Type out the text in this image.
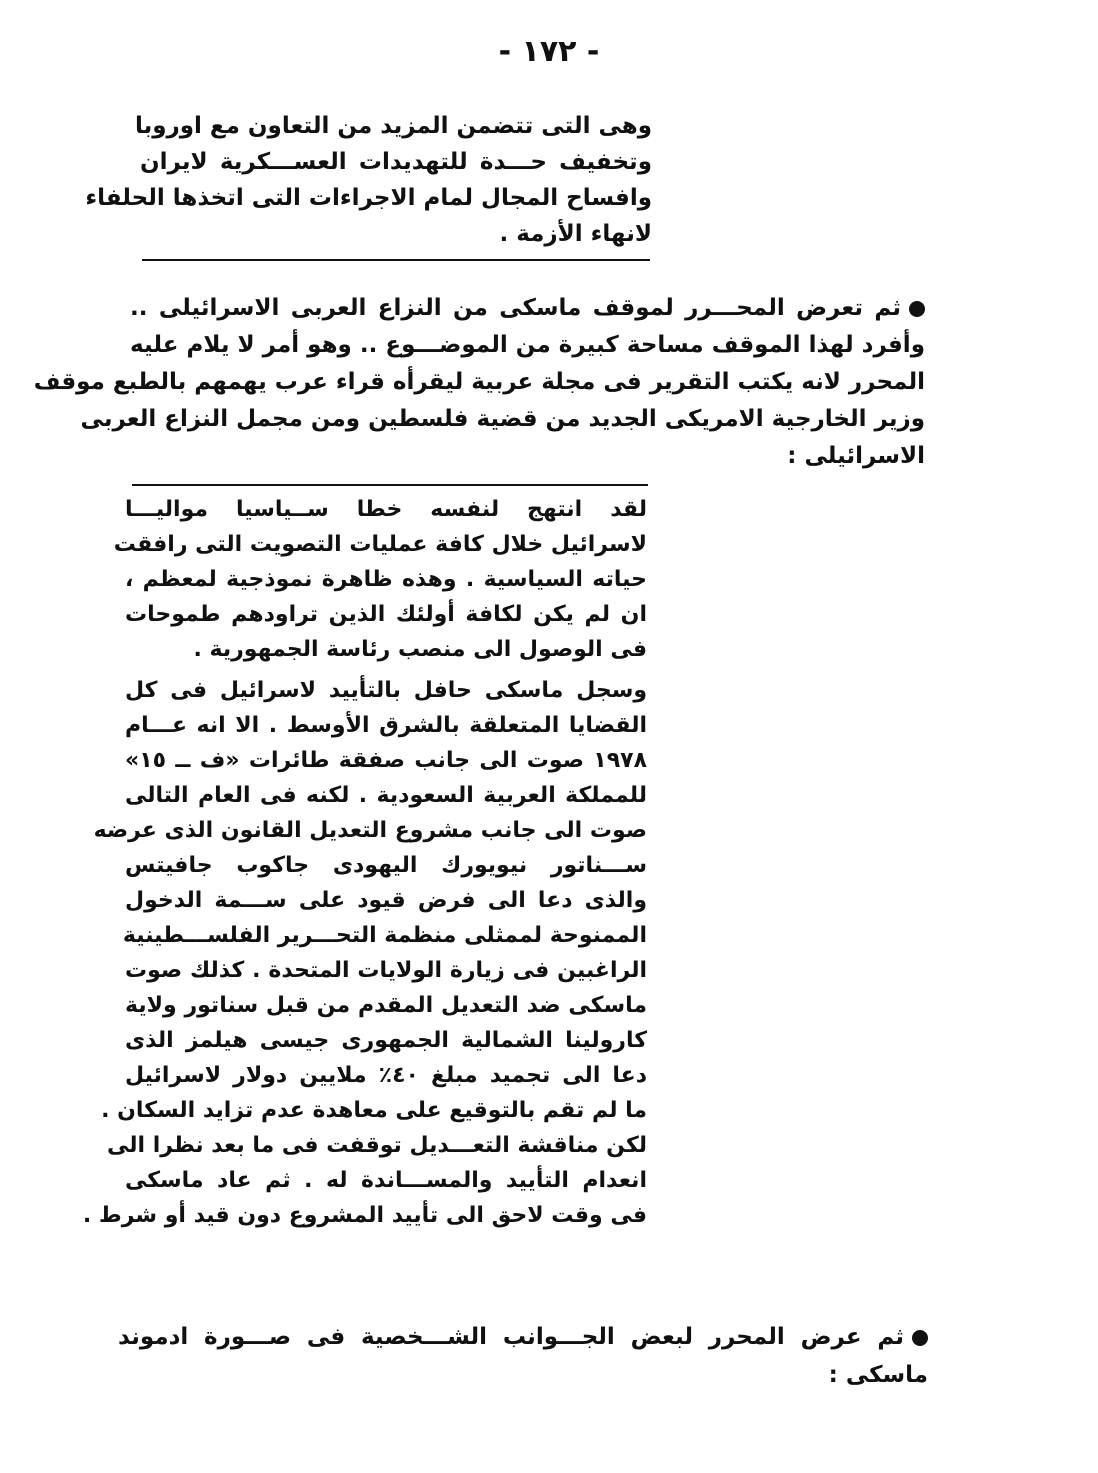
- ١٧٢ -
وهى التى تتضمن المزيد من التعاون مع اوروبا
وتخفيف حـــدة للتهديدات العســـكرية لايران
وافساح المجال لمام الاجراءات التى اتخذها الحلفاء
لانهاء الأزمة .
ثم تعرض المحـــرر لموقف ماسكى من النزاع العربى الاسرائيلى ..
وأفرد لهذا الموقف مساحة كبيرة من الموضـــوع .. وهو أمر لا يلام عليه
المحرر لانه يكتب التقرير فى مجلة عربية ليقرأه قراء عرب يهمهم بالطبع موقف
وزير الخارجية الامريكى الجديد من قضية فلسطين ومن مجمل النزاع العربى
الاسرائيلى :
لقد انتهج لنفسه خطا ســياسيا مواليـــا
لاسرائيل خلال كافة عمليات التصويت التى رافقت
حياته السياسية . وهذه ظاهرة نموذجية لمعظم ،
ان لم يكن لكافة أولئك الذين تراودهم طموحات
فى الوصول الى منصب رئاسة الجمهورية .
وسجل ماسكى حافل بالتأييد لاسرائيل فى كل
القضايا المتعلقة بالشرق الأوسط . الا انه عـــام
١٩٧٨ صوت الى جانب صفقة طائرات «ف ــ ١٥»
للمملكة العربية السعودية . لكنه فى العام التالى
صوت الى جانب مشروع التعديل القانون الذى عرضه
ســـناتور نيويورك اليهودى جاكوب جافيتس
والذى دعا الى فرض قيود على ســـمة الدخول
الممنوحة لممثلى منظمة التحـــرير الفلســـطينية
الراغبين فى زيارة الولايات المتحدة . كذلك صوت
ماسكى ضد التعديل المقدم من قبل سناتور ولاية
كارولينا الشمالية الجمهورى جيسى هيلمز الذى
دعا الى تجميد مبلغ ٤٠٪ ملايين دولار لاسرائيل
ما لم تقم بالتوقيع على معاهدة عدم تزايد السكان .
لكن مناقشة التعـــديل توقفت فى ما بعد نظرا الى
انعدام التأييد والمســـاندة له . ثم عاد ماسكى
فى وقت لاحق الى تأييد المشروع دون قيد أو شرط .
ثم عرض المحرر لبعض الجـــوانب الشـــخصية فى صـــورة ادموند
ماسكى :
